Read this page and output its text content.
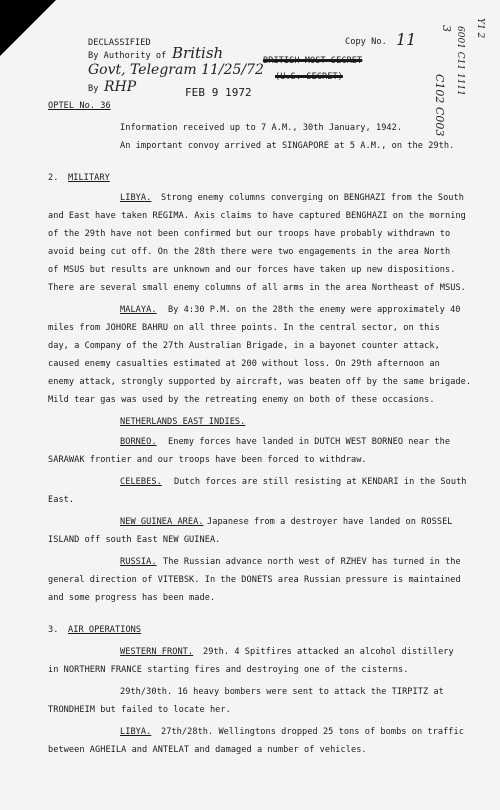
DECLASSIFIED
By Authority of British
Govt, Telegram 11/25/72
By RHP	FEB 9 1972
Copy No. 11
BRITISH MOST SECRET
(U.S. SECRET)
3
C102 C003
6001 C11 1111 Y1 2
OPTEL No. 36
Information received up to 7 A.M., 30th January, 1942.
An important convoy arrived at SINGAPORE at 5 A.M., on the 29th.
2. MILITARY
LIBYA. Strong enemy columns converging on BENGHAZI from the South
and East have taken REGIMA. Axis claims to have captured BENGHAZI on the morning
of the 29th have not been confirmed but our troops have probably withdrawn to
avoid being cut off. On the 28th there were two engagements in the area North
of MSUS but results are unknown and our forces have taken up new dispositions.
There are several small enemy columns of all arms in the area Northeast of MSUS.
MALAYA. By 4:30 P.M. on the 28th the enemy were approximately 40
miles from JOHORE BAHRU on all three points. In the central sector, on this
day, a Company of the 27th Australian Brigade, in a bayonet counter attack,
caused enemy casualties estimated at 200 without loss. On 29th afternoon an
enemy attack, strongly supported by aircraft, was beaten off by the same brigade.
Mild tear gas was used by the retreating enemy on both of these occasions.
NETHERLANDS EAST INDIES.
BORNEO. Enemy forces have landed in DUTCH WEST BORNEO near the
SARAWAK frontier and our troops have been forced to withdraw.
CELEBES. Dutch forces are still resisting at KENDARI in the South
East.
NEW GUINEA AREA. Japanese from a destroyer have landed on ROSSEL
ISLAND off south East NEW GUINEA.
RUSSIA. The Russian advance north west of RZHEV has turned in the
general direction of VITEBSK. In the DONETS area Russian pressure is maintained
and some progress has been made.
3. AIR OPERATIONS
WESTERN FRONT. 29th. 4 Spitfires attacked an alcohol distillery
in NORTHERN FRANCE starting fires and destroying one of the cisterns.
29th/30th. 16 heavy bombers were sent to attack the TIRPITZ at
TRONDHEIM but failed to locate her.
LIBYA. 27th/28th. Wellingtons dropped 25 tons of bombs on traffic
between AGHEILA and ANTELAT and damaged a number of vehicles.
